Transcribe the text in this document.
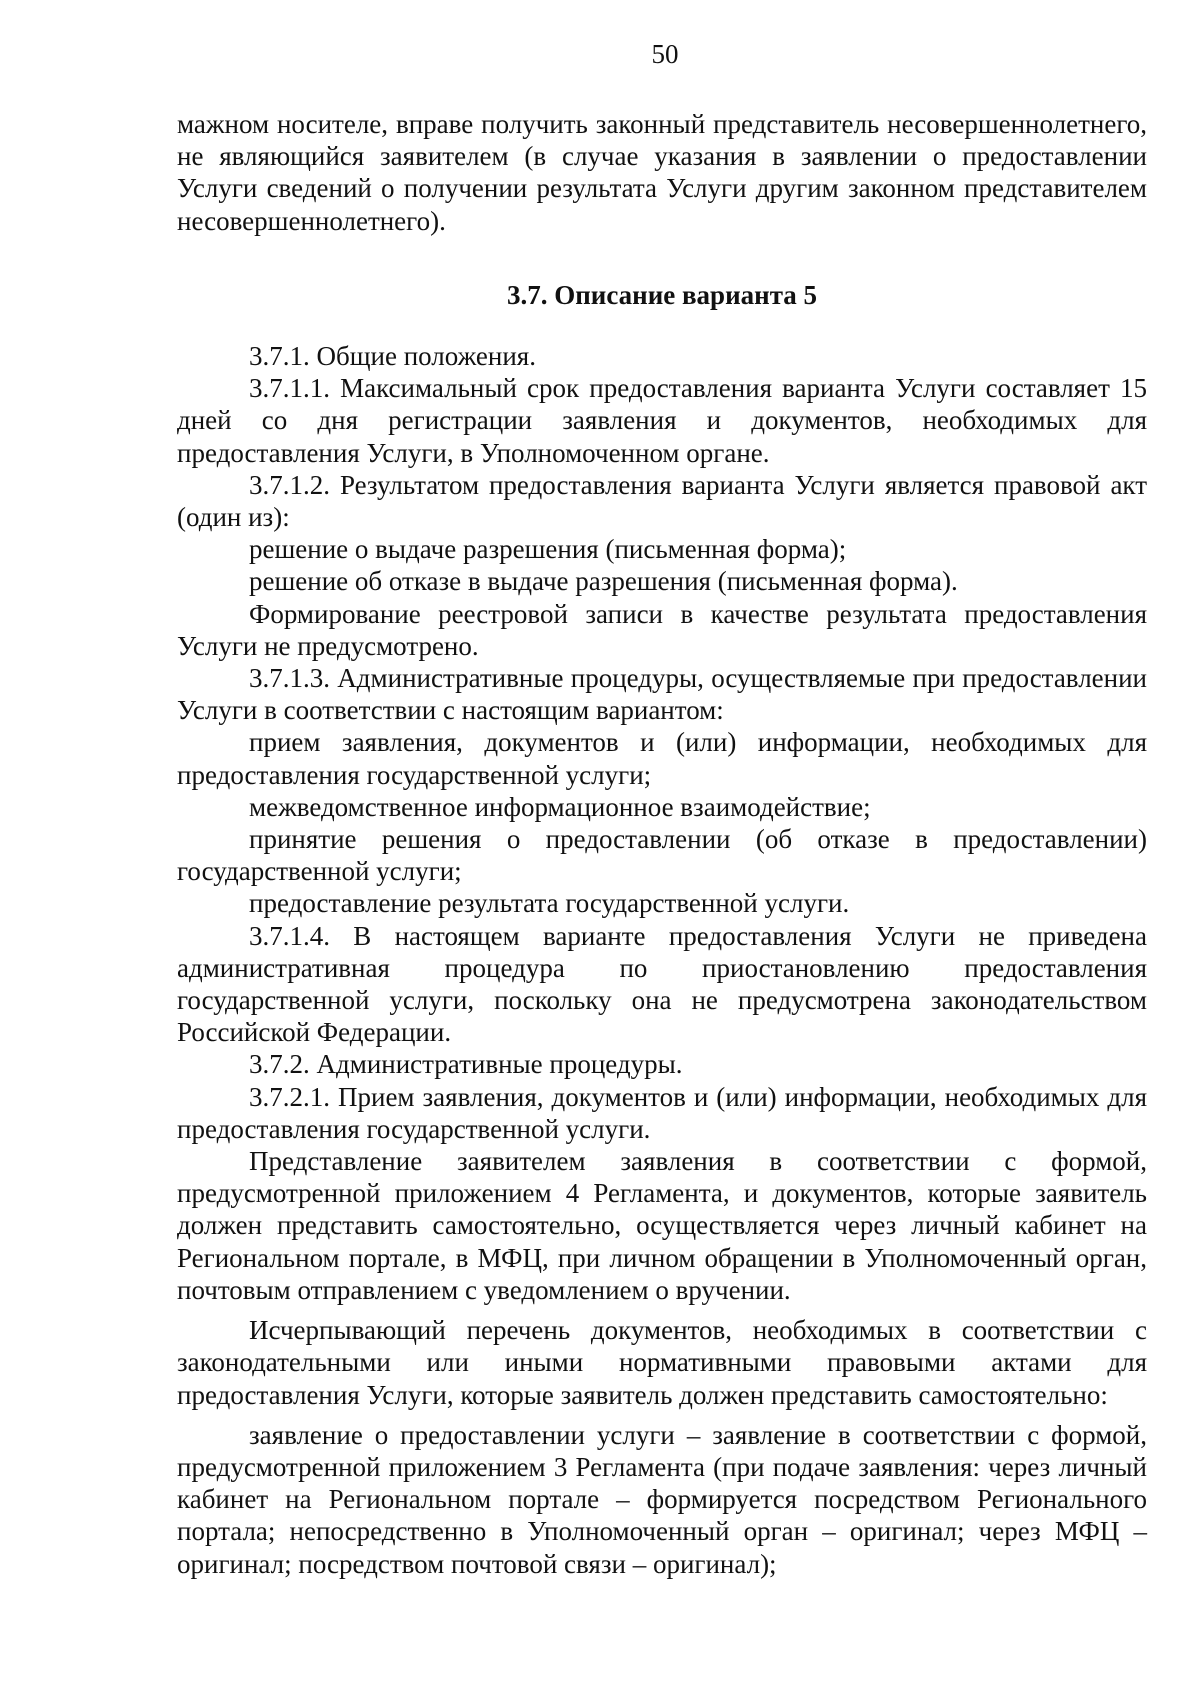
50

мажном носителе, вправе получить законный представитель несовершеннолетнего, не являющийся заявителем (в случае указания в заявлении о предоставлении Услуги сведений о получении результата Услуги другим законном представителем несовершеннолетнего).

3.7. Описание варианта 5

3.7.1. Общие положения.

3.7.1.1. Максимальный срок предоставления варианта Услуги составляет 15 дней со дня регистрации заявления и документов, необходимых для предоставления Услуги, в Уполномоченном органе.

3.7.1.2. Результатом предоставления варианта Услуги является правовой акт (один из):

решение о выдаче разрешения (письменная форма);

решение об отказе в выдаче разрешения (письменная форма).

Формирование реестровой записи в качестве результата предоставления Услуги не предусмотрено.

3.7.1.3. Административные процедуры, осуществляемые при предоставлении Услуги в соответствии с настоящим вариантом:

прием заявления, документов и (или) информации, необходимых для предоставления государственной услуги;

межведомственное информационное взаимодействие;

принятие решения о предоставлении (об отказе в предоставлении) государственной услуги;

предоставление результата государственной услуги.

3.7.1.4. В настоящем варианте предоставления Услуги не приведена административная процедура по приостановлению предоставления государственной услуги, поскольку она не предусмотрена законодательством Российской Федерации.

3.7.2. Административные процедуры.

3.7.2.1. Прием заявления, документов и (или) информации, необходимых для предоставления государственной услуги.

Представление заявителем заявления в соответствии с формой, предусмотренной приложением 4 Регламента, и документов, которые заявитель должен представить самостоятельно, осуществляется через личный кабинет на Региональном портале, в МФЦ, при личном обращении в Уполномоченный орган, почтовым отправлением с уведомлением о вручении.

Исчерпывающий перечень документов, необходимых в соответствии с законодательными или иными нормативными правовыми актами для предоставления Услуги, которые заявитель должен представить самостоятельно:

заявление о предоставлении услуги – заявление в соответствии с формой, предусмотренной приложением 3 Регламента (при подаче заявления: через личный кабинет на Региональном портале – формируется посредством Регионального портала; непосредственно в Уполномоченный орган – оригинал; через МФЦ – оригинал; посредством почтовой связи – оригинал);
